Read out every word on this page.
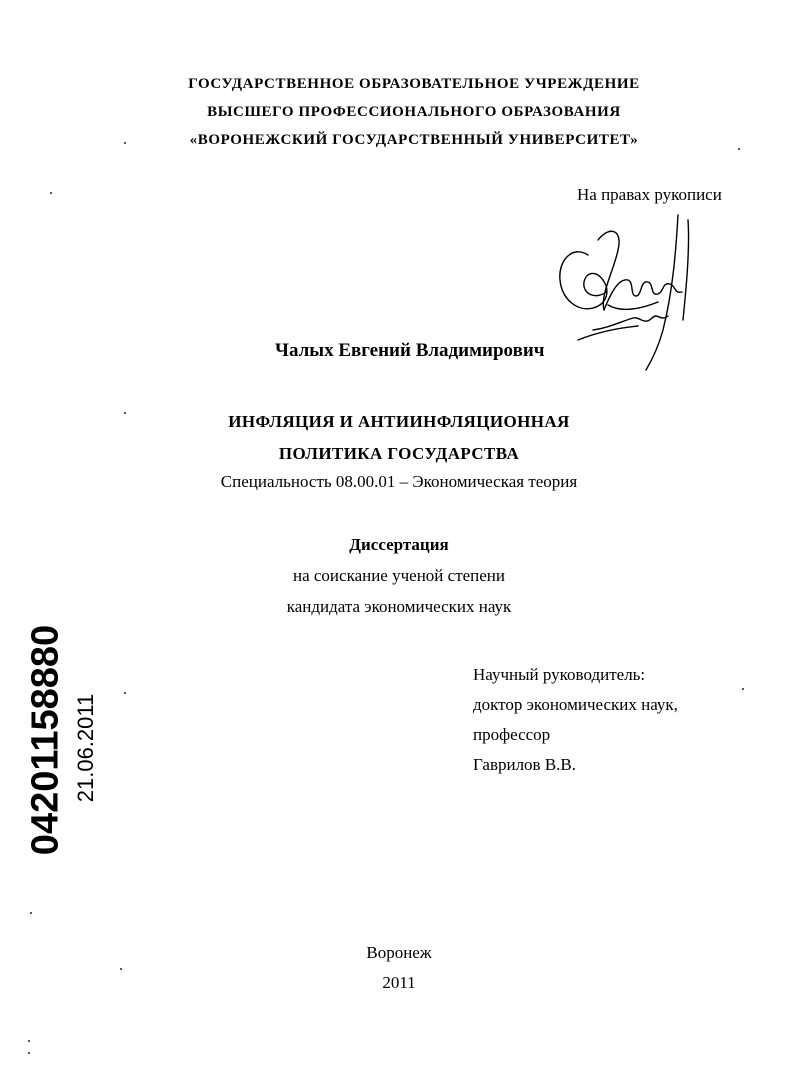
ГОСУДАРСТВЕННОЕ ОБРАЗОВАТЕЛЬНОЕ УЧРЕЖДЕНИЕ
ВЫСШЕГО ПРОФЕССИОНАЛЬНОГО ОБРАЗОВАНИЯ
«ВОРОНЕЖСКИЙ ГОСУДАРСТВЕННЫЙ УНИВЕРСИТЕТ»
На правах рукописи
Чалых Евгений Владимирович
ИНФЛЯЦИЯ И АНТИИНФЛЯЦИОННАЯ
ПОЛИТИКА ГОСУДАРСТВА
Специальность 08.00.01 – Экономическая теория
Диссертация
на соискание ученой степени
кандидата экономических наук
Научный руководитель:
доктор экономических наук,
профессор
Гаврилов В.В.
04201158880 21.06.2011
Воронеж
2011
